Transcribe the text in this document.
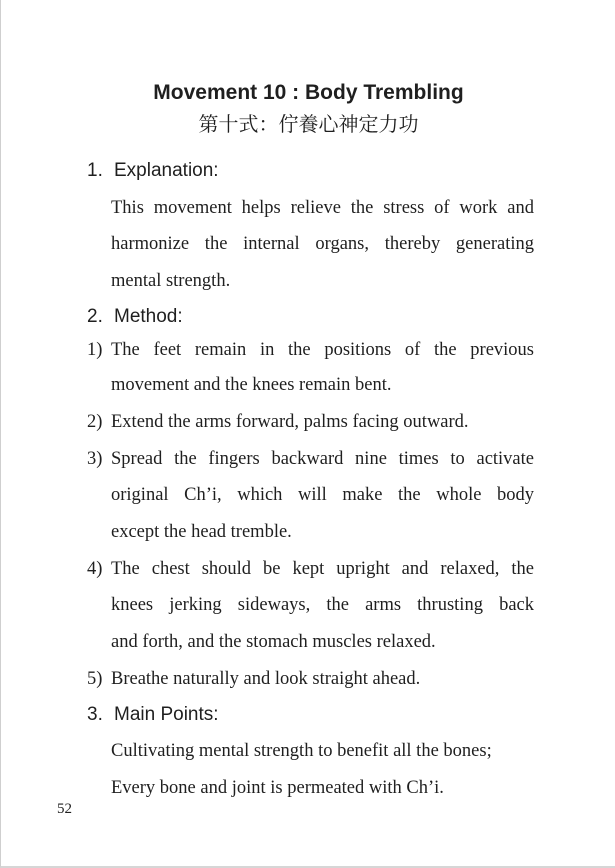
Movement 10 : Body Trembling
第十式：佇養心神定力功
1. Explanation:
This movement helps relieve the stress of work and
harmonize the internal organs, thereby generating
mental strength.
2. Method:
1) The feet remain in the positions of the previous
movement and the knees remain bent.
2) Extend the arms forward, palms facing outward.
3) Spread the fingers backward nine times to activate
original Ch’i, which will make the whole body
except the head tremble.
4) The chest should be kept upright and relaxed, the
knees jerking sideways, the arms thrusting back
and forth, and the stomach muscles relaxed.
5) Breathe naturally and look straight ahead.
3. Main Points:
Cultivating mental strength to benefit all the bones;
Every bone and joint is permeated with Ch’i.
52
